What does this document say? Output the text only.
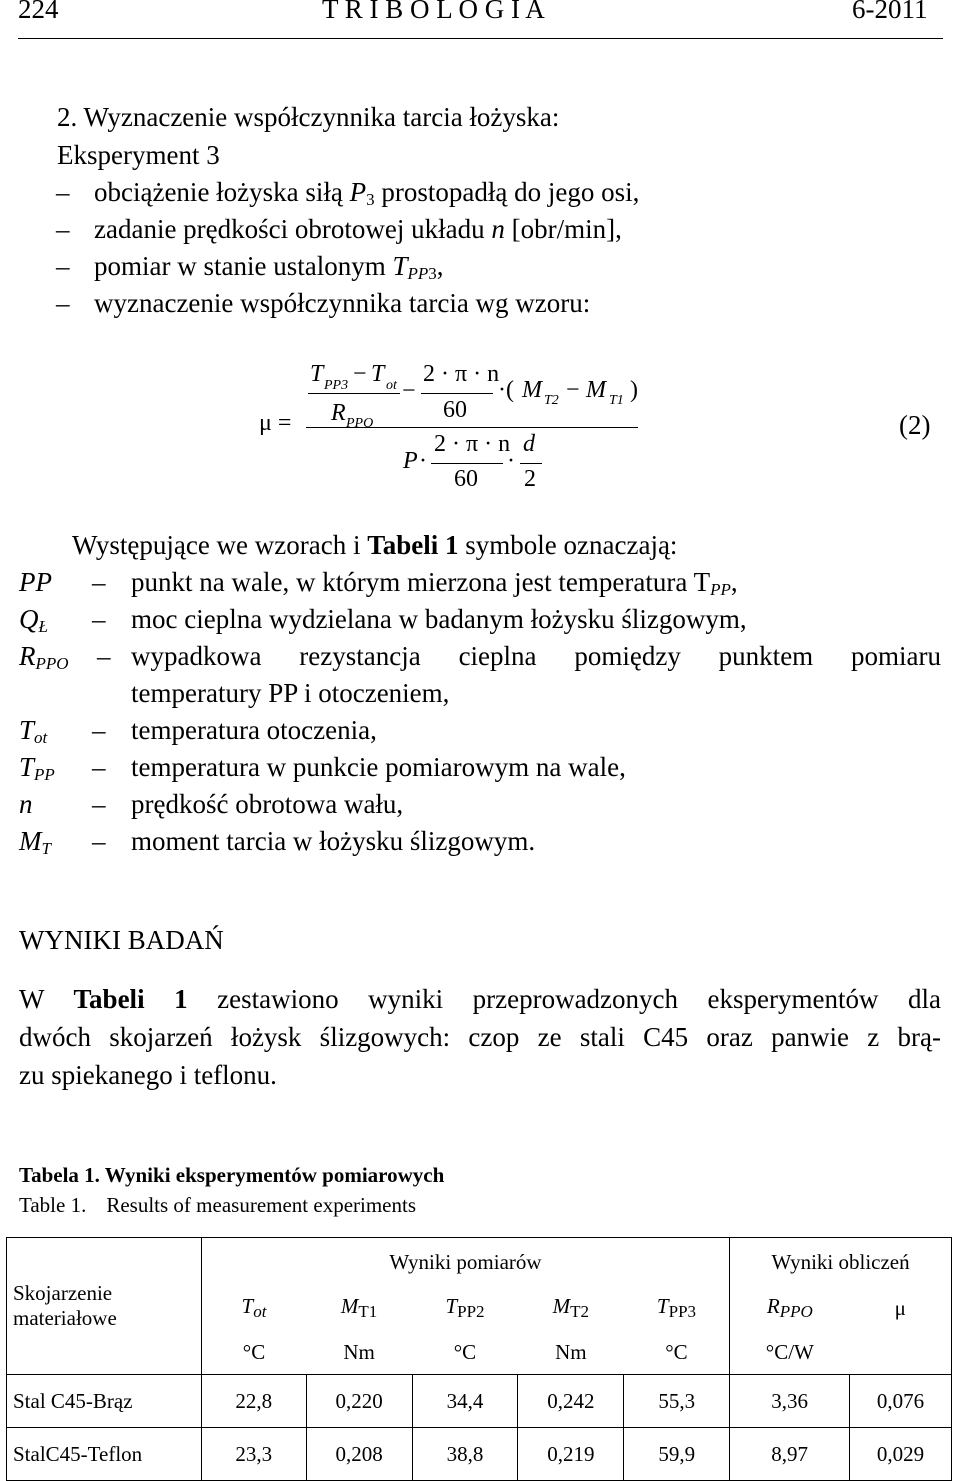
224	T R I B O L O G I A	6-2011
2. Wyznaczenie współczynnika tarcia łożyska:
Eksperyment 3
– obciążenie łożyska siłą $P_3$ prostopadłą do jego osi,
– zadanie prędkości obrotowej układu n [obr/min],
– pomiar w stanie ustalonym $T_{PP3}$,
– wyznaczenie współczynnika tarcia wg wzoru:
μ =
T PP3 − T ot
R PPO
−
2 · π · n
60
·( M T2 − M T1 )
P ·
2 · π · n
60
·
d
2
(2)
Występujące we wzorach i Tabeli 1 symbole oznaczają:
PP – punkt na wale, w którym mierzona jest temperatura $T_{PP}$,
$Q_Ł$ – moc cieplna wydzielana w badanym łożysku ślizgowym,
$R_{PPO}$ – wypadkowa rezystancja cieplna pomiędzy punktem pomiaru
temperatury PP i otoczeniem,
$T_{ot}$ – temperatura otoczenia,
$T_{PP}$ – temperatura w punkcie pomiarowym na wale,
n – prędkość obrotowa wału,
$M_T$ – moment tarcia w łożysku ślizgowym.
WYNIKI BADAŃ
W Tabeli 1 zestawiono wyniki przeprowadzonych eksperymentów dla
dwóch skojarzeń łożysk ślizgowych: czop ze stali C45 oraz panwie z brą-
zu spiekanego i teflonu.
Tabela 1. Wyniki eksperymentów pomiarowych
Table 1. Results of measurement experiments
Skojarzenie
materiałowe	Wyniki pomiarów					Wyniki obliczeń	
	$T_{ot}$	$M_{T1}$	$T_{PP2}$	$M_{T2}$	$T_{PP3}$	$R_{PPO}$	μ
	°C	Nm	°C	Nm	°C	°C/W	
Stal C45-Brąz	22,8	0,220	34,4	0,242	55,3	3,36	0,076
StalC45-Teflon	23,3	0,208	38,8	0,219	59,9	8,97	0,029
